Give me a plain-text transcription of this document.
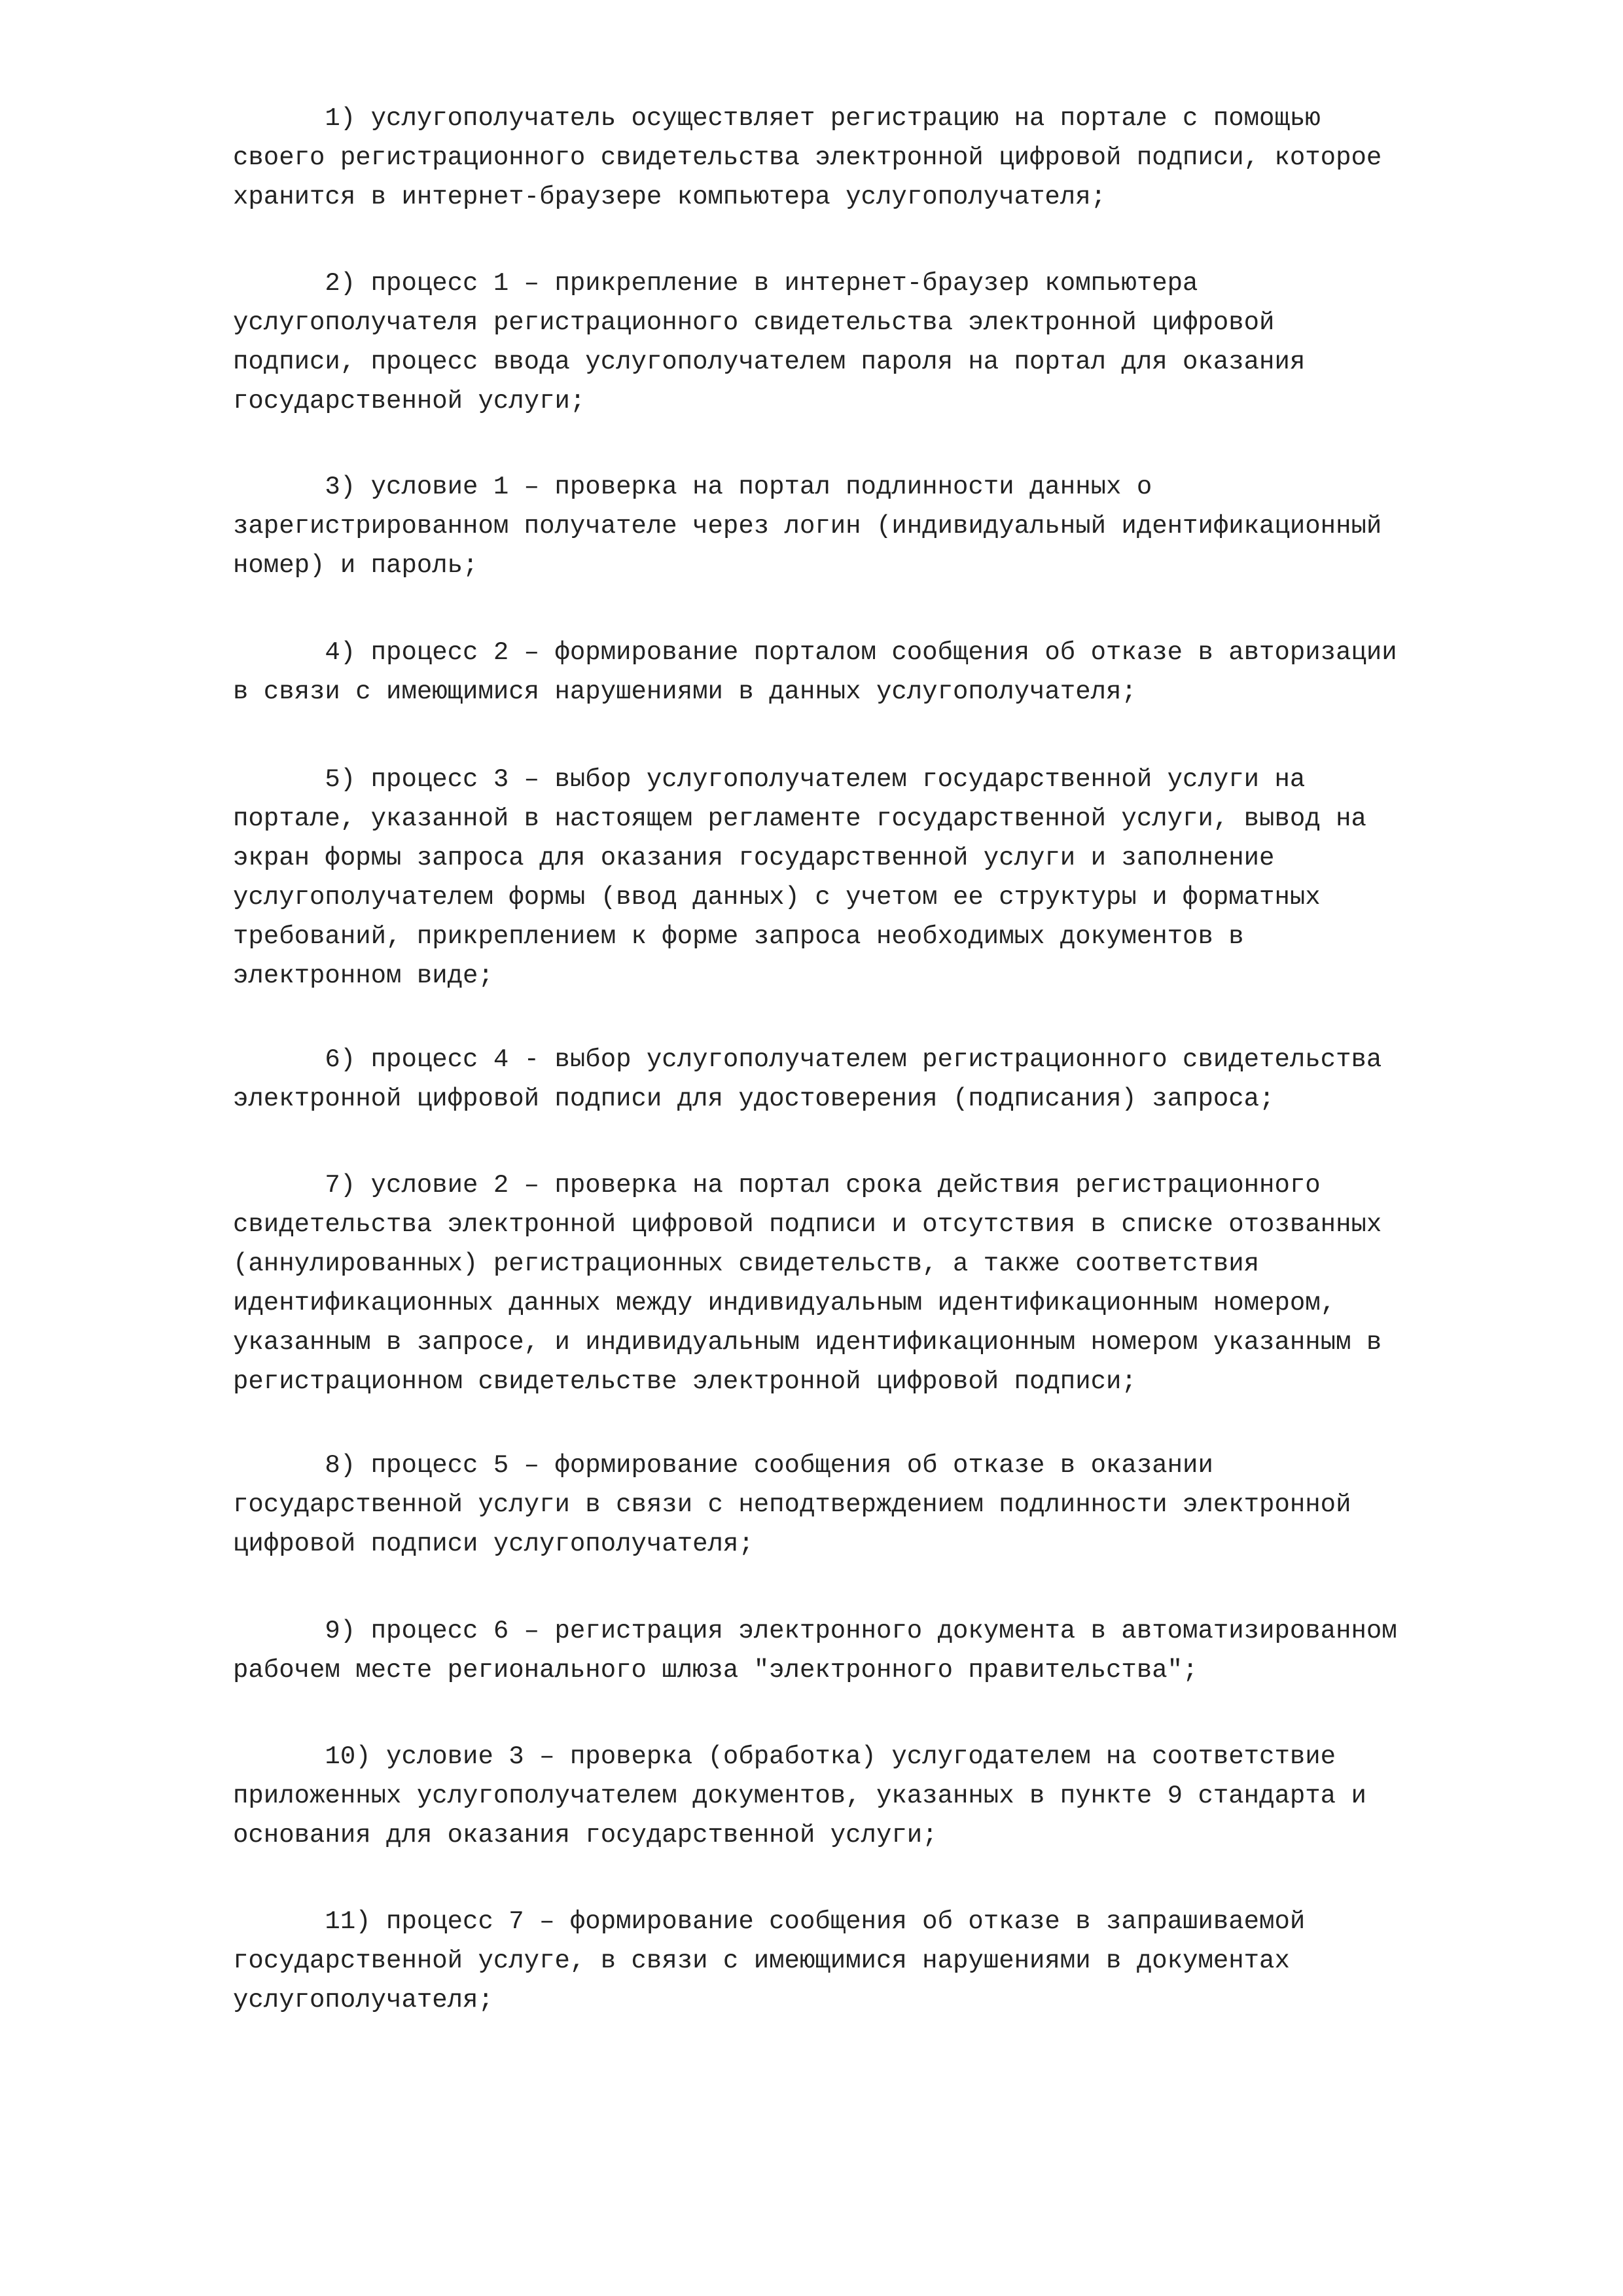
1) услугополучатель осуществляет регистрацию на портале с помощью
своего регистрационного свидетельства электронной цифровой подписи, которое
хранится в интернет-браузере компьютера услугополучателя;

2) процесс 1 – прикрепление в интернет-браузер компьютера
услугополучателя регистрационного свидетельства электронной цифровой
подписи, процесс ввода услугополучателем пароля на портал для оказания
государственной услуги;

3) условие 1 – проверка на портал подлинности данных о
зарегистрированном получателе через логин (индивидуальный идентификационный
номер) и пароль;

4) процесс 2 – формирование порталом сообщения об отказе в авторизации
в связи с имеющимися нарушениями в данных услугополучателя;

5) процесс 3 – выбор услугополучателем государственной услуги на
портале, указанной в настоящем регламенте государственной услуги, вывод на
экран формы запроса для оказания государственной услуги и заполнение
услугополучателем формы (ввод данных) с учетом ее структуры и форматных
требований, прикреплением к форме запроса необходимых документов в
электронном виде;

6) процесс 4 - выбор услугополучателем регистрационного свидетельства
электронной цифровой подписи для удостоверения (подписания) запроса;

7) условие 2 – проверка на портал срока действия регистрационного
свидетельства электронной цифровой подписи и отсутствия в списке отозванных
(аннулированных) регистрационных свидетельств, а также соответствия
идентификационных данных между индивидуальным идентификационным номером,
указанным в запросе, и индивидуальным идентификационным номером указанным в
регистрационном свидетельстве электронной цифровой подписи;

8) процесс 5 – формирование сообщения об отказе в оказании
государственной услуги в связи с неподтверждением подлинности электронной
цифровой подписи услугополучателя;

9) процесс 6 – регистрация электронного документа в автоматизированном
рабочем месте регионального шлюза "электронного правительства";

10) условие 3 – проверка (обработка) услугодателем на соответствие
приложенных услугополучателем документов, указанных в пункте 9 стандарта и
основания для оказания государственной услуги;

11) процесс 7 – формирование сообщения об отказе в запрашиваемой
государственной услуге, в связи с имеющимися нарушениями в документах
услугополучателя;
